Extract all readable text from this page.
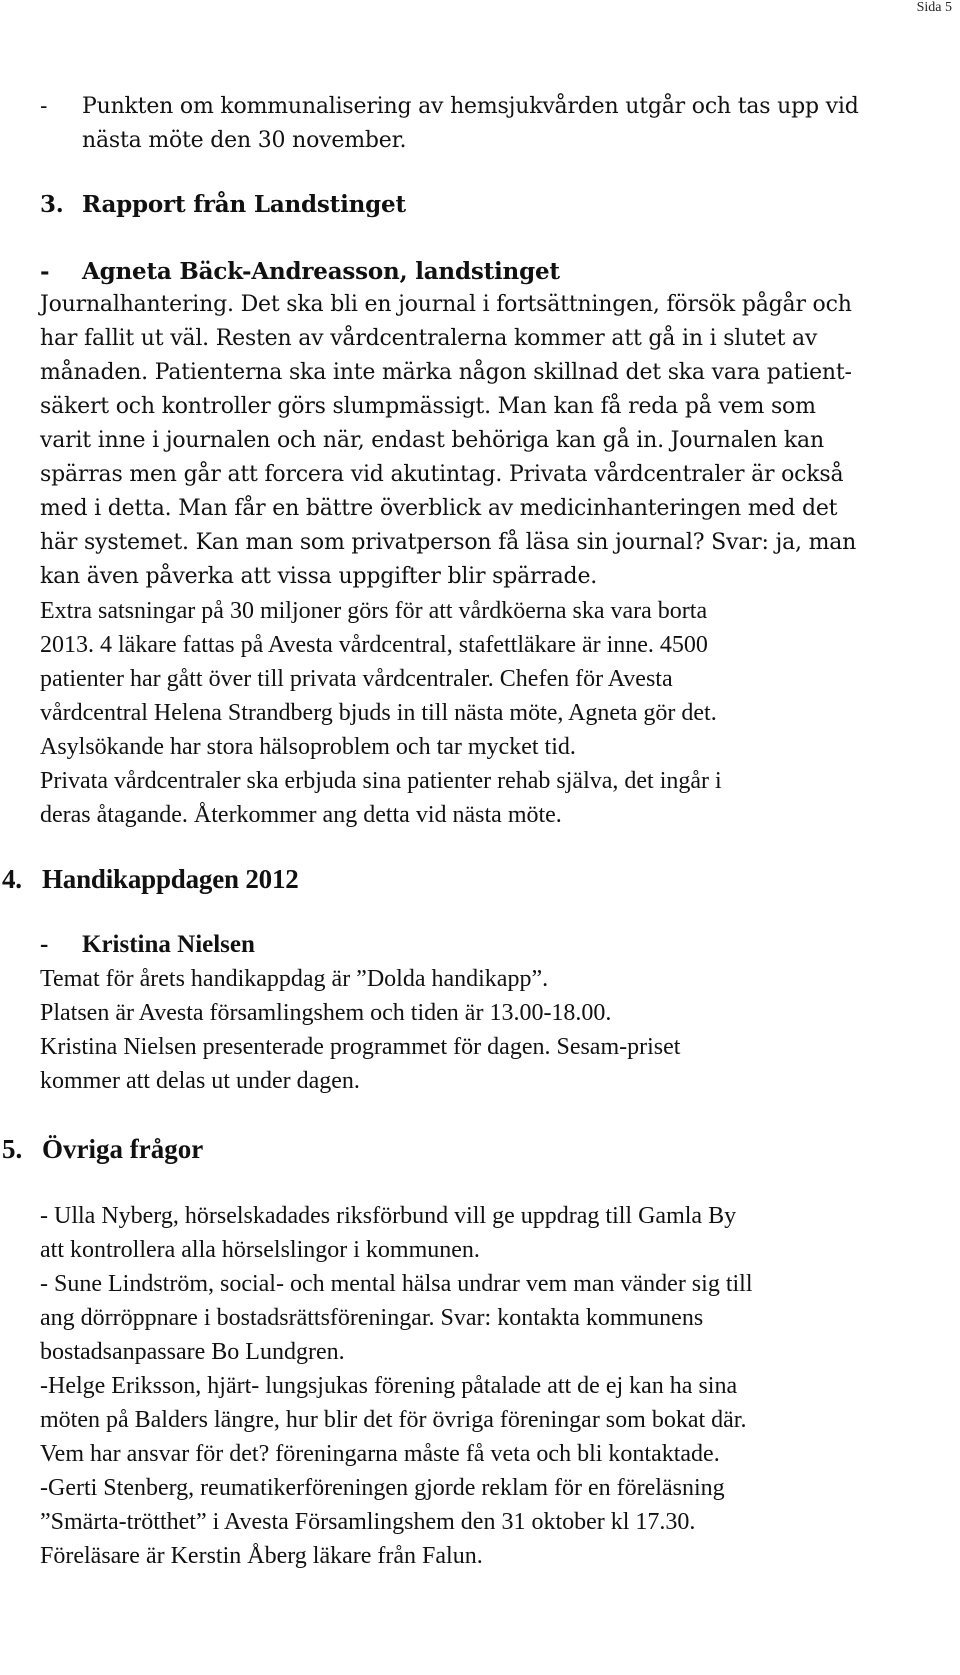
Sida 5
- Punkten om kommunalisering av hemsjukvården utgår och tas upp vid
nästa möte den 30 november.
3. Rapport från Landstinget
- Agneta Bäck-Andreasson, landstinget
Journalhantering. Det ska bli en journal i fortsättningen, försök pågår och
har fallit ut väl. Resten av vårdcentralerna kommer att gå in i slutet av
månaden. Patienterna ska inte märka någon skillnad det ska vara patient-
säkert och kontroller görs slumpmässigt. Man kan få reda på vem som
varit inne i journalen och när, endast behöriga kan gå in. Journalen kan
spärras men går att forcera vid akutintag. Privata vårdcentraler är också
med i detta. Man får en bättre överblick av medicinhanteringen med det
här systemet. Kan man som privatperson få läsa sin journal? Svar: ja, man
kan även påverka att vissa uppgifter blir spärrade.
Extra satsningar på 30 miljoner görs för att vårdköerna ska vara borta
2013. 4 läkare fattas på Avesta vårdcentral, stafettläkare är inne. 4500
patienter har gått över till privata vårdcentraler. Chefen för Avesta
vårdcentral Helena Strandberg bjuds in till nästa möte, Agneta gör det.
Asylsökande har stora hälsoproblem och tar mycket tid.
Privata vårdcentraler ska erbjuda sina patienter rehab själva, det ingår i
deras åtagande. Återkommer ang detta vid nästa möte.
4. Handikappdagen 2012
- Kristina Nielsen
Temat för årets handikappdag är ”Dolda handikapp”.
Platsen är Avesta församlingshem och tiden är 13.00-18.00.
Kristina Nielsen presenterade programmet för dagen. Sesam-priset
kommer att delas ut under dagen.
5. Övriga frågor
- Ulla Nyberg, hörselskadades riksförbund vill ge uppdrag till Gamla By
att kontrollera alla hörselslingor i kommunen.
- Sune Lindström, social- och mental hälsa undrar vem man vänder sig till
ang dörröppnare i bostadsrättsföreningar. Svar: kontakta kommunens
bostadsanpassare Bo Lundgren.
-Helge Eriksson, hjärt- lungsjukas förening påtalade att de ej kan ha sina
möten på Balders längre, hur blir det för övriga föreningar som bokat där.
Vem har ansvar för det? föreningarna måste få veta och bli kontaktade.
-Gerti Stenberg, reumatikerföreningen gjorde reklam för en föreläsning
”Smärta-trötthet” i Avesta Församlingshem den 31 oktober kl 17.30.
Föreläsare är Kerstin Åberg läkare från Falun.
